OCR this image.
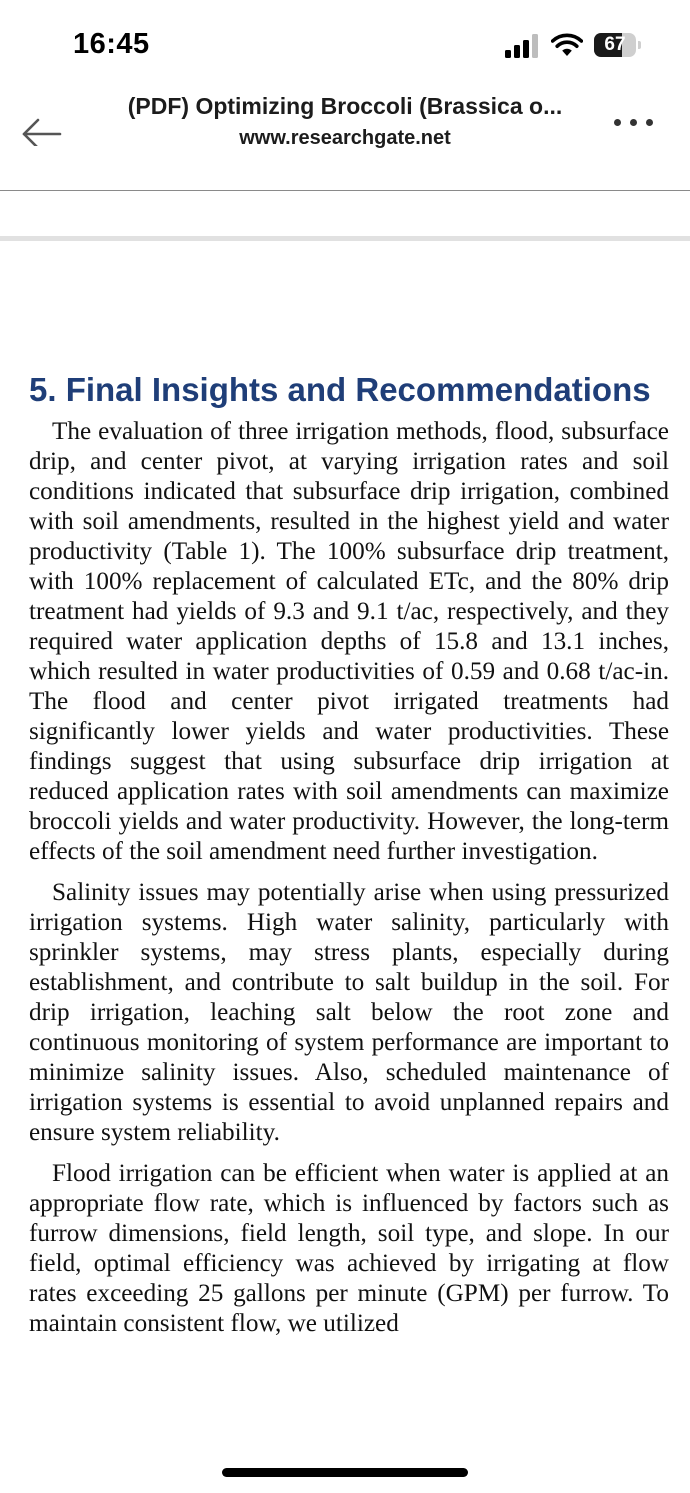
16:45	67
(PDF) Optimizing Broccoli (Brassica o...
www.researchgate.net
5. Final Insights and Recommendations

The evaluation of three irrigation methods, flood, subsurface drip, and center pivot, at varying irrigation rates and soil conditions indicated that subsurface drip irrigation, combined with soil amendments, resulted in the highest yield and water productivity (Table 1). The 100% subsurface drip treatment, with 100% replacement of calculated ETc, and the 80% drip treatment had yields of 9.3 and 9.1 t/ac, respectively, and they required water application depths of 15.8 and 13.1 inches, which resulted in water productivities of 0.59 and 0.68 t/ac-in. The flood and center pivot irrigated treatments had significantly lower yields and water productivities. These findings suggest that using subsurface drip irrigation at reduced application rates with soil amendments can maximize broccoli yields and water productivity. However, the long-term effects of the soil amendment need further investigation.

Salinity issues may potentially arise when using pressurized irrigation systems. High water salinity, particularly with sprinkler systems, may stress plants, especially during establishment, and contribute to salt buildup in the soil. For drip irrigation, leaching salt below the root zone and continuous monitoring of system performance are important to minimize salinity issues. Also, scheduled maintenance of irrigation systems is essential to avoid unplanned repairs and ensure system reliability.

Flood irrigation can be efficient when water is applied at an appropriate flow rate, which is influenced by factors such as furrow dimensions, field length, soil type, and slope. In our field, optimal efficiency was achieved by irrigating at flow rates exceeding 25 gallons per minute (GPM) per furrow. To maintain consistent flow, we utilized
